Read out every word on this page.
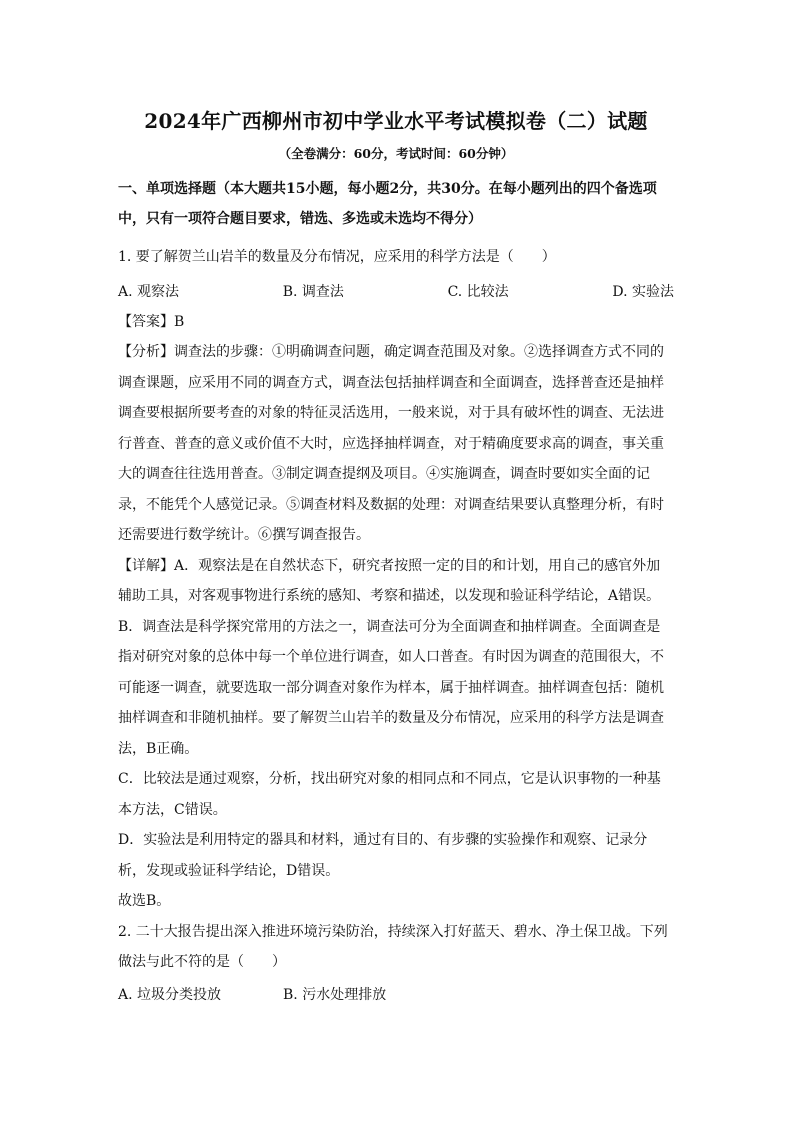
2024年广西柳州市初中学业水平考试模拟卷（二）试题
（全卷满分：60分，考试时间：60分钟）

一、单项选择题（本大题共15小题，每小题2分，共30分。在每小题列出的四个备选项

中，只有一项符合题目要求，错选、多选或未选均不得分）

1. 要了解贺兰山岩羊的数量及分布情况，应采用的科学方法是（　　）

A. 观察法	B. 调查法	C. 比较法	D. 实验法

【答案】B

【分析】调查法的步骤：①明确调查问题，确定调查范围及对象。②选择调查方式不同的

调查课题，应采用不同的调查方式，调查法包括抽样调查和全面调查，选择普查还是抽样

调查要根据所要考查的对象的特征灵活选用，一般来说，对于具有破坏性的调查、无法进

行普查、普查的意义或价值不大时，应选择抽样调查，对于精确度要求高的调查，事关重

大的调查往往选用普查。③制定调查提纲及项目。④实施调查，调查时要如实全面的记

录，不能凭个人感觉记录。⑤调查材料及数据的处理：对调查结果要认真整理分析，有时

还需要进行数学统计。⑥撰写调查报告。

【详解】A．观察法是在自然状态下，研究者按照一定的目的和计划，用自己的感官外加

辅助工具，对客观事物进行系统的感知、考察和描述，以发现和验证科学结论，A错误。

B．调查法是科学探究常用的方法之一，调查法可分为全面调查和抽样调查。全面调查是

指对研究对象的总体中每一个单位进行调查，如人口普查。有时因为调查的范围很大，不

可能逐一调查，就要选取一部分调查对象作为样本，属于抽样调查。抽样调查包括：随机

抽样调查和非随机抽样。要了解贺兰山岩羊的数量及分布情况，应采用的科学方法是调查

法，B正确。

C．比较法是通过观察，分析，找出研究对象的相同点和不同点，它是认识事物的一种基

本方法，C错误。

D．实验法是利用特定的器具和材料，通过有目的、有步骤的实验操作和观察、记录分

析，发现或验证科学结论，D错误。

故选B。

2. 二十大报告提出深入推进环境污染防治，持续深入打好蓝天、碧水、净土保卫战。下列

做法与此不符的是（　　）

A. 垃圾分类投放	B. 污水处理排放
